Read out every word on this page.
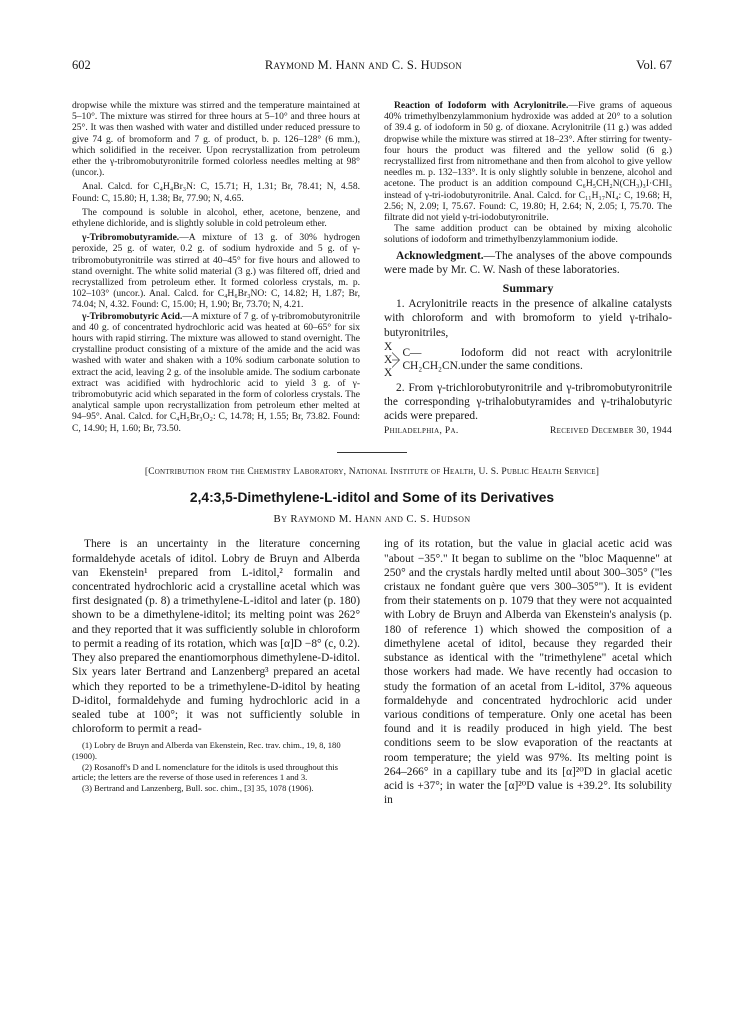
602	Raymond M. Hann and C. S. Hudson	Vol. 67

dropwise while the mixture was stirred and the temperature maintained at 5–10°. The mixture was stirred for three hours at 5–10° and three hours at 25°. It was then washed with water and distilled under reduced pressure to give 74 g. of bromoform and 7 g. of product, b. p. 126–128° (6 mm.), which solidified in the receiver. Upon recrystallization from petroleum ether the γ-tribromobutyronitrile formed colorless needles melting at 98° (uncor.).

Anal. Calcd. for C₄H₄Br₃N: C, 15.71; H, 1.31; Br, 78.41; N, 4.58. Found: C, 15.80; H, 1.38; Br, 77.90; N, 4.65.

The compound is soluble in alcohol, ether, acetone, benzene, and ethylene dichloride, and is slightly soluble in cold petroleum ether.

γ-Tribromobutyramide.—A mixture of 13 g. of 30% hydrogen peroxide, 25 g. of water, 0.2 g. of sodium hydroxide and 5 g. of γ-tribromobutyronitrile was stirred at 40–45° for five hours and allowed to stand overnight. The white solid material (3 g.) was filtered off, dried and recrystallized from petroleum ether. It formed colorless crystals, m. p. 102–103° (uncor.). Anal. Calcd. for C₄H₆Br₃NO: C, 14.82; H, 1.87; Br, 74.04; N, 4.32. Found: C, 15.00; H, 1.90; Br, 73.70; N, 4.21.

γ-Tribromobutyric Acid.—A mixture of 7 g. of γ-tribromobutyronitrile and 40 g. of concentrated hydrochloric acid was heated at 60–65° for six hours with rapid stirring. The mixture was allowed to stand overnight. The crystalline product consisting of a mixture of the amide and the acid was washed with water and shaken with a 10% sodium carbonate solution to extract the acid, leaving 2 g. of the insoluble amide. The sodium carbonate extract was acidified with hydrochloric acid to yield 3 g. of γ-tribromobutyric acid which separated in the form of colorless crystals. The analytical sample upon recrystallization from petroleum ether melted at 94–95°. Anal. Calcd. for C₄H₅Br₃O₂: C, 14.78; H, 1.55; Br, 73.82. Found: C, 14.90; H, 1.60; Br, 73.50.

Reaction of Iodoform with Acrylonitrile.—Five grams of aqueous 40% trimethylbenzylammonium hydroxide was added at 20° to a solution of 39.4 g. of iodoform in 50 g. of dioxane. Acrylonitrile (11 g.) was added dropwise while the mixture was stirred at 18–23°. After stirring for twenty-four hours the product was filtered and the yellow solid (6 g.) recrystallized first from nitromethane and then from alcohol to give yellow needles m. p. 132–133°. It is only slightly soluble in benzene, alcohol and acetone. The product is an addition compound C₆H₅CH₂N(CH₃)₃I·CHI₃ instead of γ-tri-iodobutyronitrile. Anal. Calcd. for C₁₁H₁₇NI₄: C, 19.68; H, 2.56; N, 2.09; I, 75.67. Found: C, 19.80; H, 2.64; N, 2.05; I, 75.70. The filtrate did not yield γ-tri-iodobutyronitrile.

The same addition product can be obtained by mixing alcoholic solutions of iodoform and trimethylbenzylammonium iodide.

Acknowledgment.—The analyses of the above compounds were made by Mr. C. W. Nash of these laboratories.

Summary

1. Acrylonitrile reacts in the presence of alkaline catalysts with chloroform and with bromoform to yield γ-trihalo-butyronitriles,

X
X
X
C—CH₂CH₂CN.
Iodoform did not react with acrylonitrile under the same conditions.

2. From γ-trichlorobutyronitrile and γ-tribromobutyronitrile the corresponding γ-trihalobutyramides and γ-trihalobutyric acids were prepared.

Philadelphia, Pa.	Received December 30, 1944
[Contribution from the Chemistry Laboratory, National Institute of Health, U. S. Public Health Service]
2,4:3,5-Dimethylene-L-iditol and Some of its Derivatives
By Raymond M. Hann and C. S. Hudson

There is an uncertainty in the literature concerning formaldehyde acetals of iditol. Lobry de Bruyn and Alberda van Ekenstein¹ prepared from L-iditol,² formalin and concentrated hydrochloric acid a crystalline acetal which was first designated (p. 8) a trimethylene-L-iditol and later (p. 180) shown to be a dimethylene-iditol; its melting point was 262° and they reported that it was sufficiently soluble in chloroform to permit a reading of its rotation, which was [α]D −8° (c, 0.2). They also prepared the enantiomorphous dimethylene-D-iditol. Six years later Bertrand and Lanzenberg³ prepared an acetal which they reported to be a trimethylene-D-iditol by heating D-iditol, formaldehyde and fuming hydrochloric acid in a sealed tube at 100°; it was not sufficiently soluble in chloroform to permit a read-

(1) Lobry de Bruyn and Alberda van Ekenstein, Rec. trav. chim., 19, 8, 180 (1900).

(2) Rosanoff's D and L nomenclature for the iditols is used throughout this article; the letters are the reverse of those used in references 1 and 3.

(3) Bertrand and Lanzenberg, Bull. soc. chim., [3] 35, 1078 (1906).

ing of its rotation, but the value in glacial acetic acid was "about −35°." It began to sublime on the "bloc Maquenne" at 250° and the crystals hardly melted until about 300–305° ("les cristaux ne fondant guère que vers 300–305°"). It is evident from their statements on p. 1079 that they were not acquainted with Lobry de Bruyn and Alberda van Ekenstein's analysis (p. 180 of reference 1) which showed the composition of a dimethylene acetal of iditol, because they regarded their substance as identical with the "trimethylene" acetal which those workers had made. We have recently had occasion to study the formation of an acetal from L-iditol, 37% aqueous formaldehyde and concentrated hydrochloric acid under various conditions of temperature. Only one acetal has been found and it is readily produced in high yield. The best conditions seem to be slow evaporation of the reactants at room temperature; the yield was 97%. Its melting point is 264–266° in a capillary tube and its [α]²⁰D in glacial acetic acid is +37°; in water the [α]²⁰D value is +39.2°. Its solubility in
